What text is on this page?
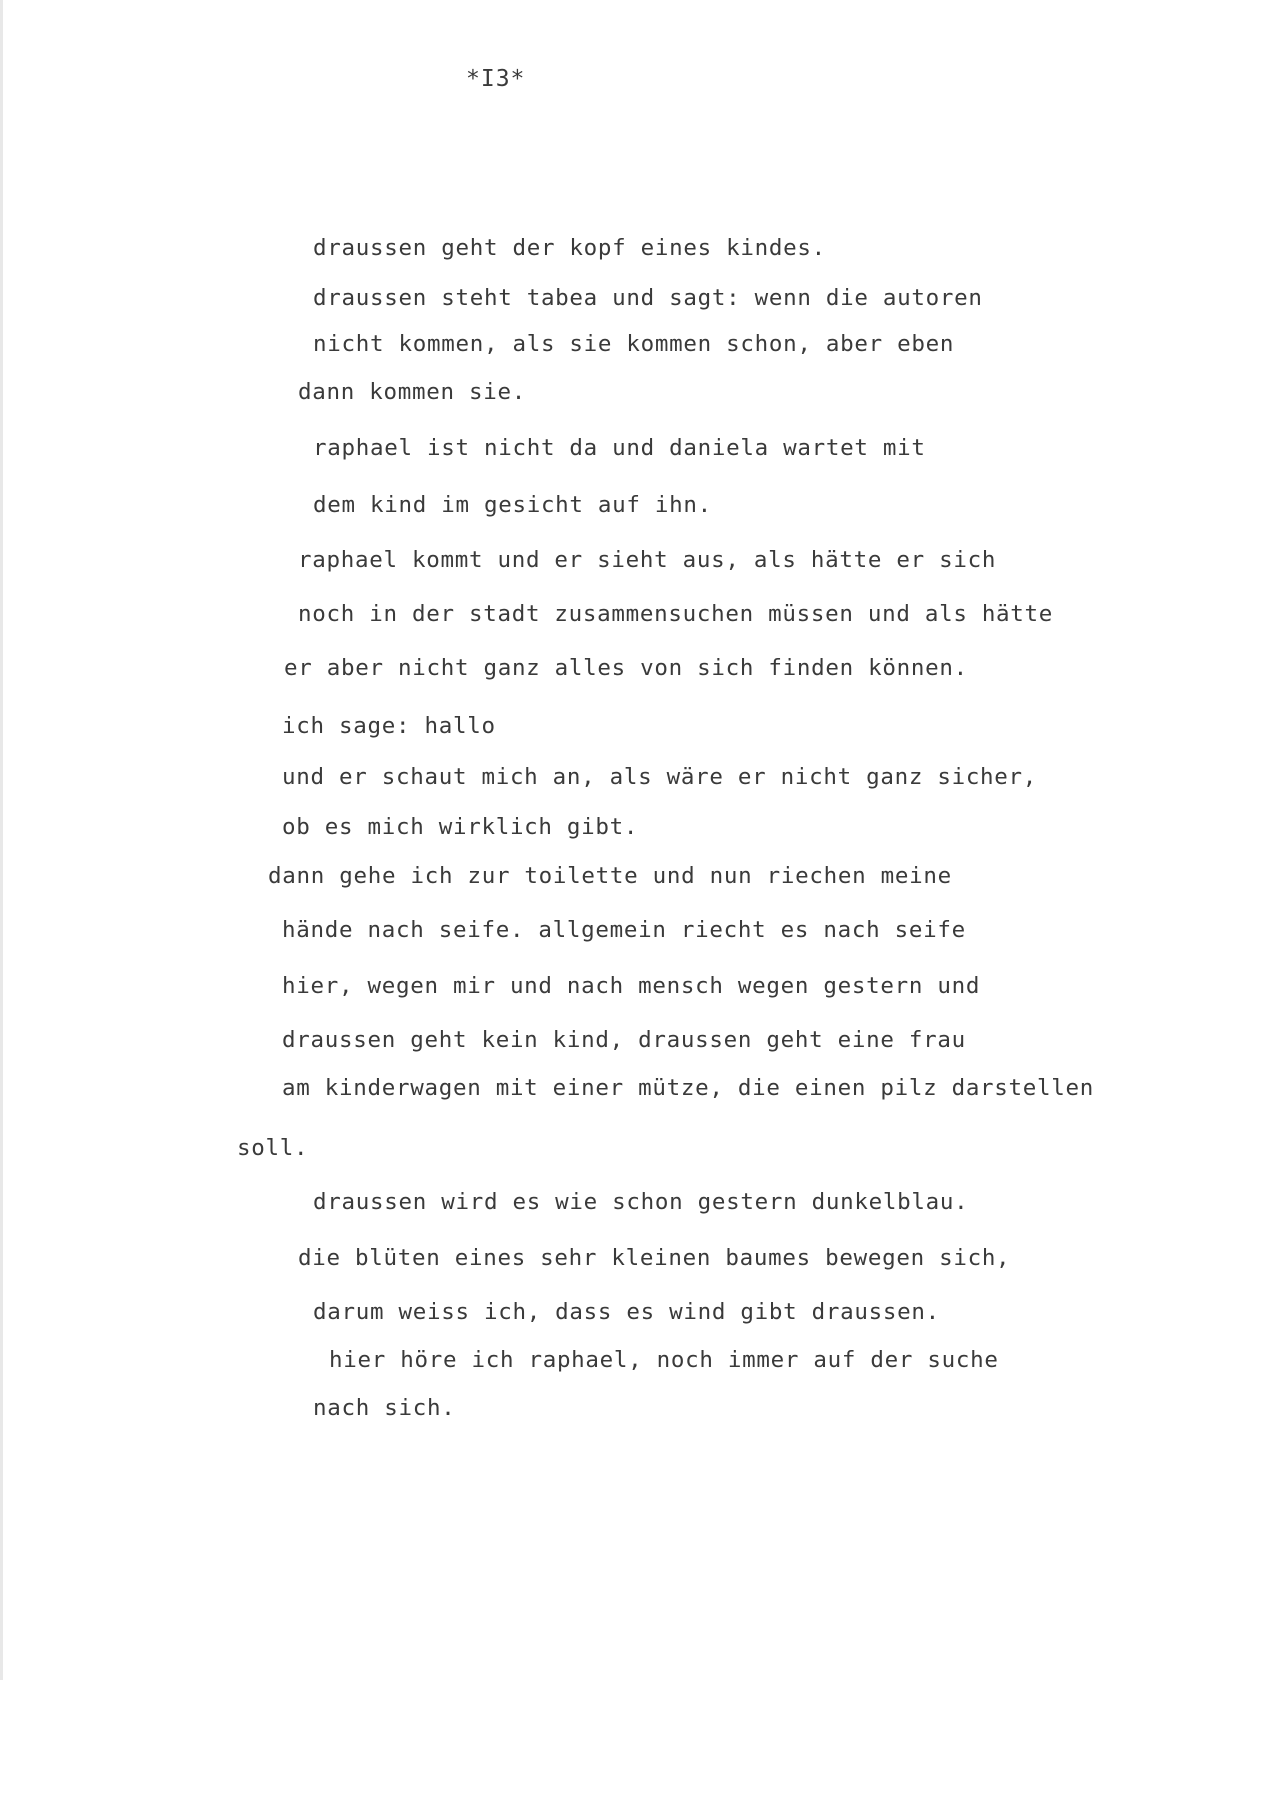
*I3*
draussen geht der kopf eines kindes.
draussen steht tabea und sagt: wenn die autoren
nicht kommen, als sie kommen schon, aber eben
dann kommen sie.
raphael ist nicht da und daniela wartet mit
dem kind im gesicht auf ihn.
raphael kommt und er sieht aus, als hätte er sich
noch in der stadt zusammensuchen müssen und als hätte
er aber nicht ganz alles von sich finden können.
ich sage: hallo
und er schaut mich an, als wäre er nicht ganz sicher,
ob es mich wirklich gibt.
dann gehe ich zur toilette und nun riechen meine
hände nach seife. allgemein riecht es nach seife
hier, wegen mir und nach mensch wegen gestern und
draussen geht kein kind, draussen geht eine frau
am kinderwagen mit einer mütze, die einen pilz darstellen
soll.
draussen wird es wie schon gestern dunkelblau.
die blüten eines sehr kleinen baumes bewegen sich,
darum weiss ich, dass es wind gibt draussen.
hier höre ich raphael, noch immer auf der suche
nach sich.
